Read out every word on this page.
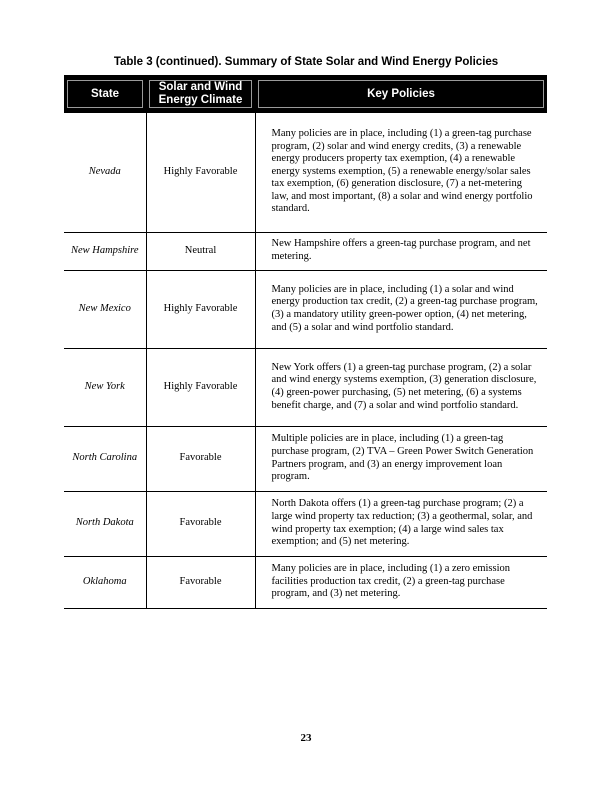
Table 3 (continued). Summary of State Solar and Wind Energy Policies
State	Solar and Wind Energy Climate	Key Policies

Nevada	Highly Favorable	Many policies are in place, including (1) a green-tag purchase program, (2) solar and wind energy credits, (3) a renewable energy producers property tax exemption, (4) a renewable energy systems exemption, (5) a renewable energy/solar sales tax exemption, (6) generation disclosure, (7) a net-metering law, and most important, (8) a solar and wind energy portfolio standard.
New Hampshire	Neutral	New Hampshire offers a green-tag purchase program, and net metering.
New Mexico	Highly Favorable	Many policies are in place, including (1) a solar and wind energy production tax credit, (2) a green-tag purchase program, (3) a mandatory utility green-power option, (4) net metering, and (5) a solar and wind portfolio standard.
New York	Highly Favorable	New York offers (1) a green-tag purchase program, (2) a solar and wind energy systems exemption, (3) generation disclosure, (4) green-power purchasing, (5) net metering, (6) a systems benefit charge, and (7) a solar and wind portfolio standard.
North Carolina	Favorable	Multiple policies are in place, including (1) a green-tag purchase program, (2) TVA – Green Power Switch Generation Partners program, and (3) an energy improvement loan program.
North Dakota	Favorable	North Dakota offers (1) a green-tag purchase program; (2) a large wind property tax reduction; (3) a geothermal, solar, and wind property tax exemption; (4) a large wind sales tax exemption; and (5) net metering.
Oklahoma	Favorable	Many policies are in place, including (1) a zero emission facilities production tax credit, (2) a green-tag purchase program, and (3) net metering.
23
